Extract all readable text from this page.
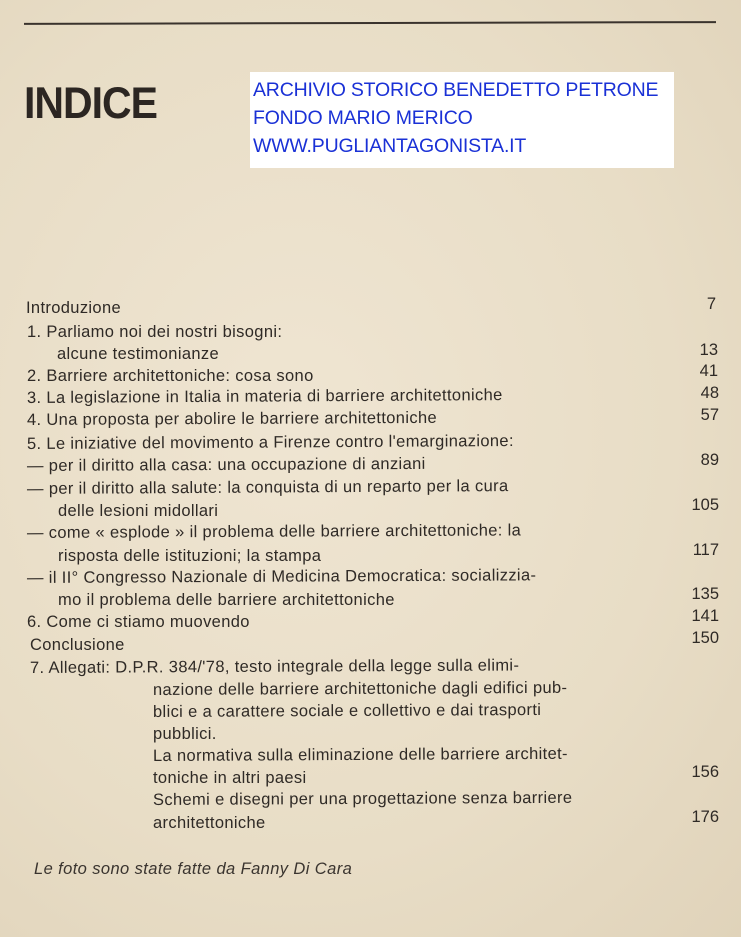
INDICE	ARCHIVIO STORICO BENEDETTO PETRONE
FONDO MARIO MERICO
WWW.PUGLIANTAGONISTA.IT
Introduzione	7
1. Parliamo noi dei nostri bisogni:
alcune testimonianze	13
2. Barriere architettoniche: cosa sono	41
3. La legislazione in Italia in materia di barriere architettoniche	48
4. Una proposta per abolire le barriere architettoniche	57
5. Le iniziative del movimento a Firenze contro l'emarginazione:
— per il diritto alla casa: una occupazione di anziani	89
— per il diritto alla salute: la conquista di un reparto per la cura
delle lesioni midollari	105
— come « esplode » il problema delle barriere architettoniche: la
risposta delle istituzioni; la stampa	117
— il II° Congresso Nazionale di Medicina Democratica: socializzia-
mo il problema delle barriere architettoniche	135
6. Come ci stiamo muovendo	141
Conclusione	150
7. Allegati: D.P.R. 384/'78, testo integrale della legge sulla elimi-
nazione delle barriere architettoniche dagli edifici pub-
blici e a carattere sociale e collettivo e dai trasporti
pubblici.
La normativa sulla eliminazione delle barriere architet-
toniche in altri paesi	156
Schemi e disegni per una progettazione senza barriere
architettoniche	176
Le foto sono state fatte da Fanny Di Cara
